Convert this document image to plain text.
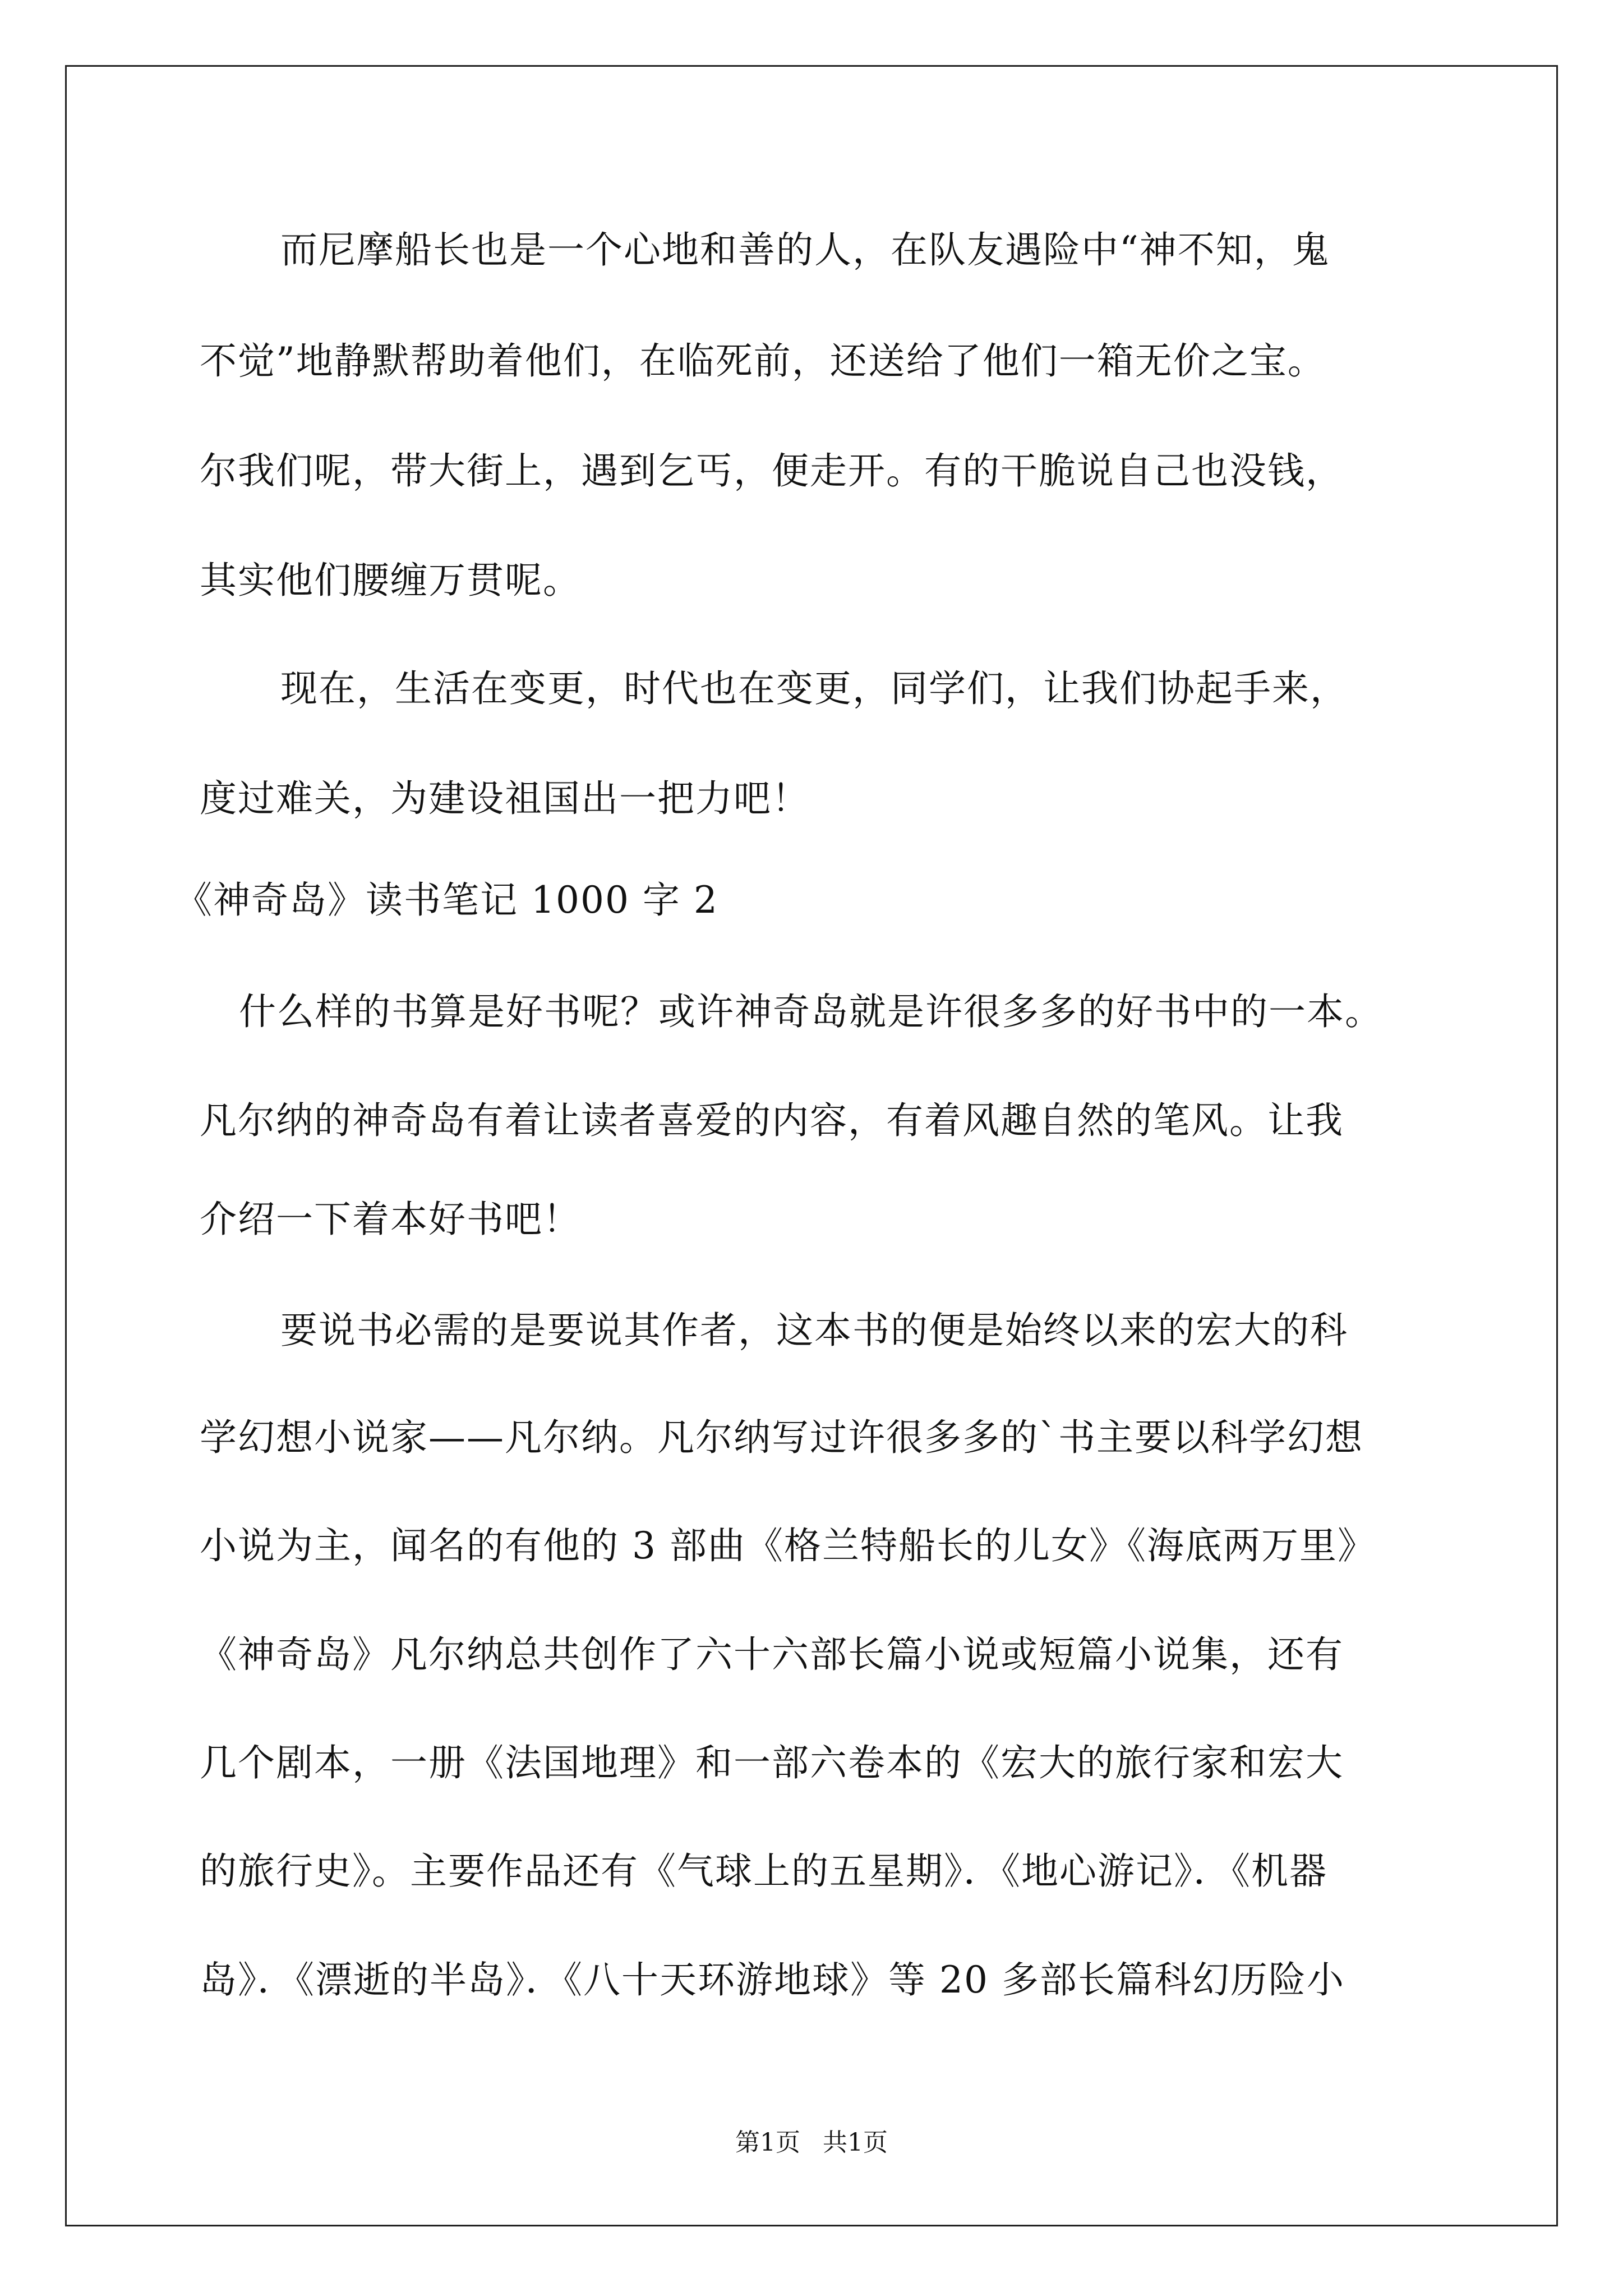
而尼摩船长也是一个心地和善的人，在队友遇险中“神不知，鬼
不觉”地静默帮助着他们，在临死前，还送给了他们一箱无价之宝。
尔我们呢，带大街上，遇到乞丐，便走开。有的干脆说自己也没钱，
其实他们腰缠万贯呢。
现在，生活在变更，时代也在变更，同学们，让我们协起手来，
度过难关，为建设祖国出一把力吧！
《神奇岛》读书笔记 1000 字 2
什么样的书算是好书呢？或许神奇岛就是许很多多的好书中的一本。
凡尔纳的神奇岛有着让读者喜爱的内容，有着风趣自然的笔风。让我
介绍一下着本好书吧！
要说书必需的是要说其作者，这本书的便是始终以来的宏大的科
学幻想小说家——凡尔纳。凡尔纳写过许很多多的`书主要以科学幻想
小说为主，闻名的有他的 3 部曲《格兰特船长的儿女》《海底两万里》
《神奇岛》凡尔纳总共创作了六十六部长篇小说或短篇小说集，还有
几个剧本，一册《法国地理》和一部六卷本的《宏大的旅行家和宏大
的旅行史》。主要作品还有《气球上的五星期》．《地心游记》．《机器
岛》．《漂逝的半岛》．《八十天环游地球》等 20 多部长篇科幻历险小
第1页 共1页
